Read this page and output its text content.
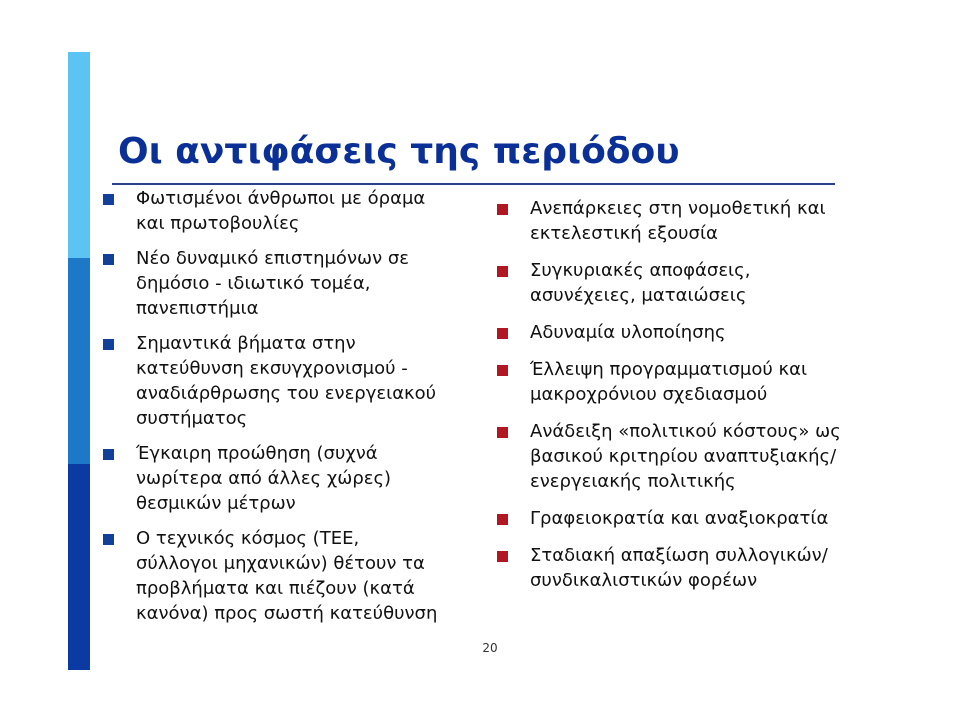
Οι αντιφάσεις της περιόδου
Φωτισμένοι άνθρωποι με όραμα
και πρωτοβουλίες
Νέο δυναμικό επιστημόνων σε
δημόσιο - ιδιωτικό τομέα,
πανεπιστήμια
Σημαντικά βήματα στην
κατεύθυνση εκσυγχρονισμού -
αναδιάρθρωσης του ενεργειακού
συστήματος
Έγκαιρη προώθηση (συχνά
νωρίτερα από άλλες χώρες)
θεσμικών μέτρων
Ο τεχνικός κόσμος (ΤΕΕ,
σύλλογοι μηχανικών) θέτουν τα
προβλήματα και πιέζουν (κατά
κανόνα) προς σωστή κατεύθυνση
Ανεπάρκειες στη νομοθετική και
εκτελεστική εξουσία
Συγκυριακές αποφάσεις,
ασυνέχειες, ματαιώσεις
Αδυναμία υλοποίησης
Έλλειψη προγραμματισμού και
μακροχρόνιου σχεδιασμού
Ανάδειξη «πολιτικού κόστους» ως
βασικού κριτηρίου αναπτυξιακής/
ενεργειακής πολιτικής
Γραφειοκρατία και αναξιοκρατία
Σταδιακή απαξίωση συλλογικών/
συνδικαλιστικών φορέων
20
